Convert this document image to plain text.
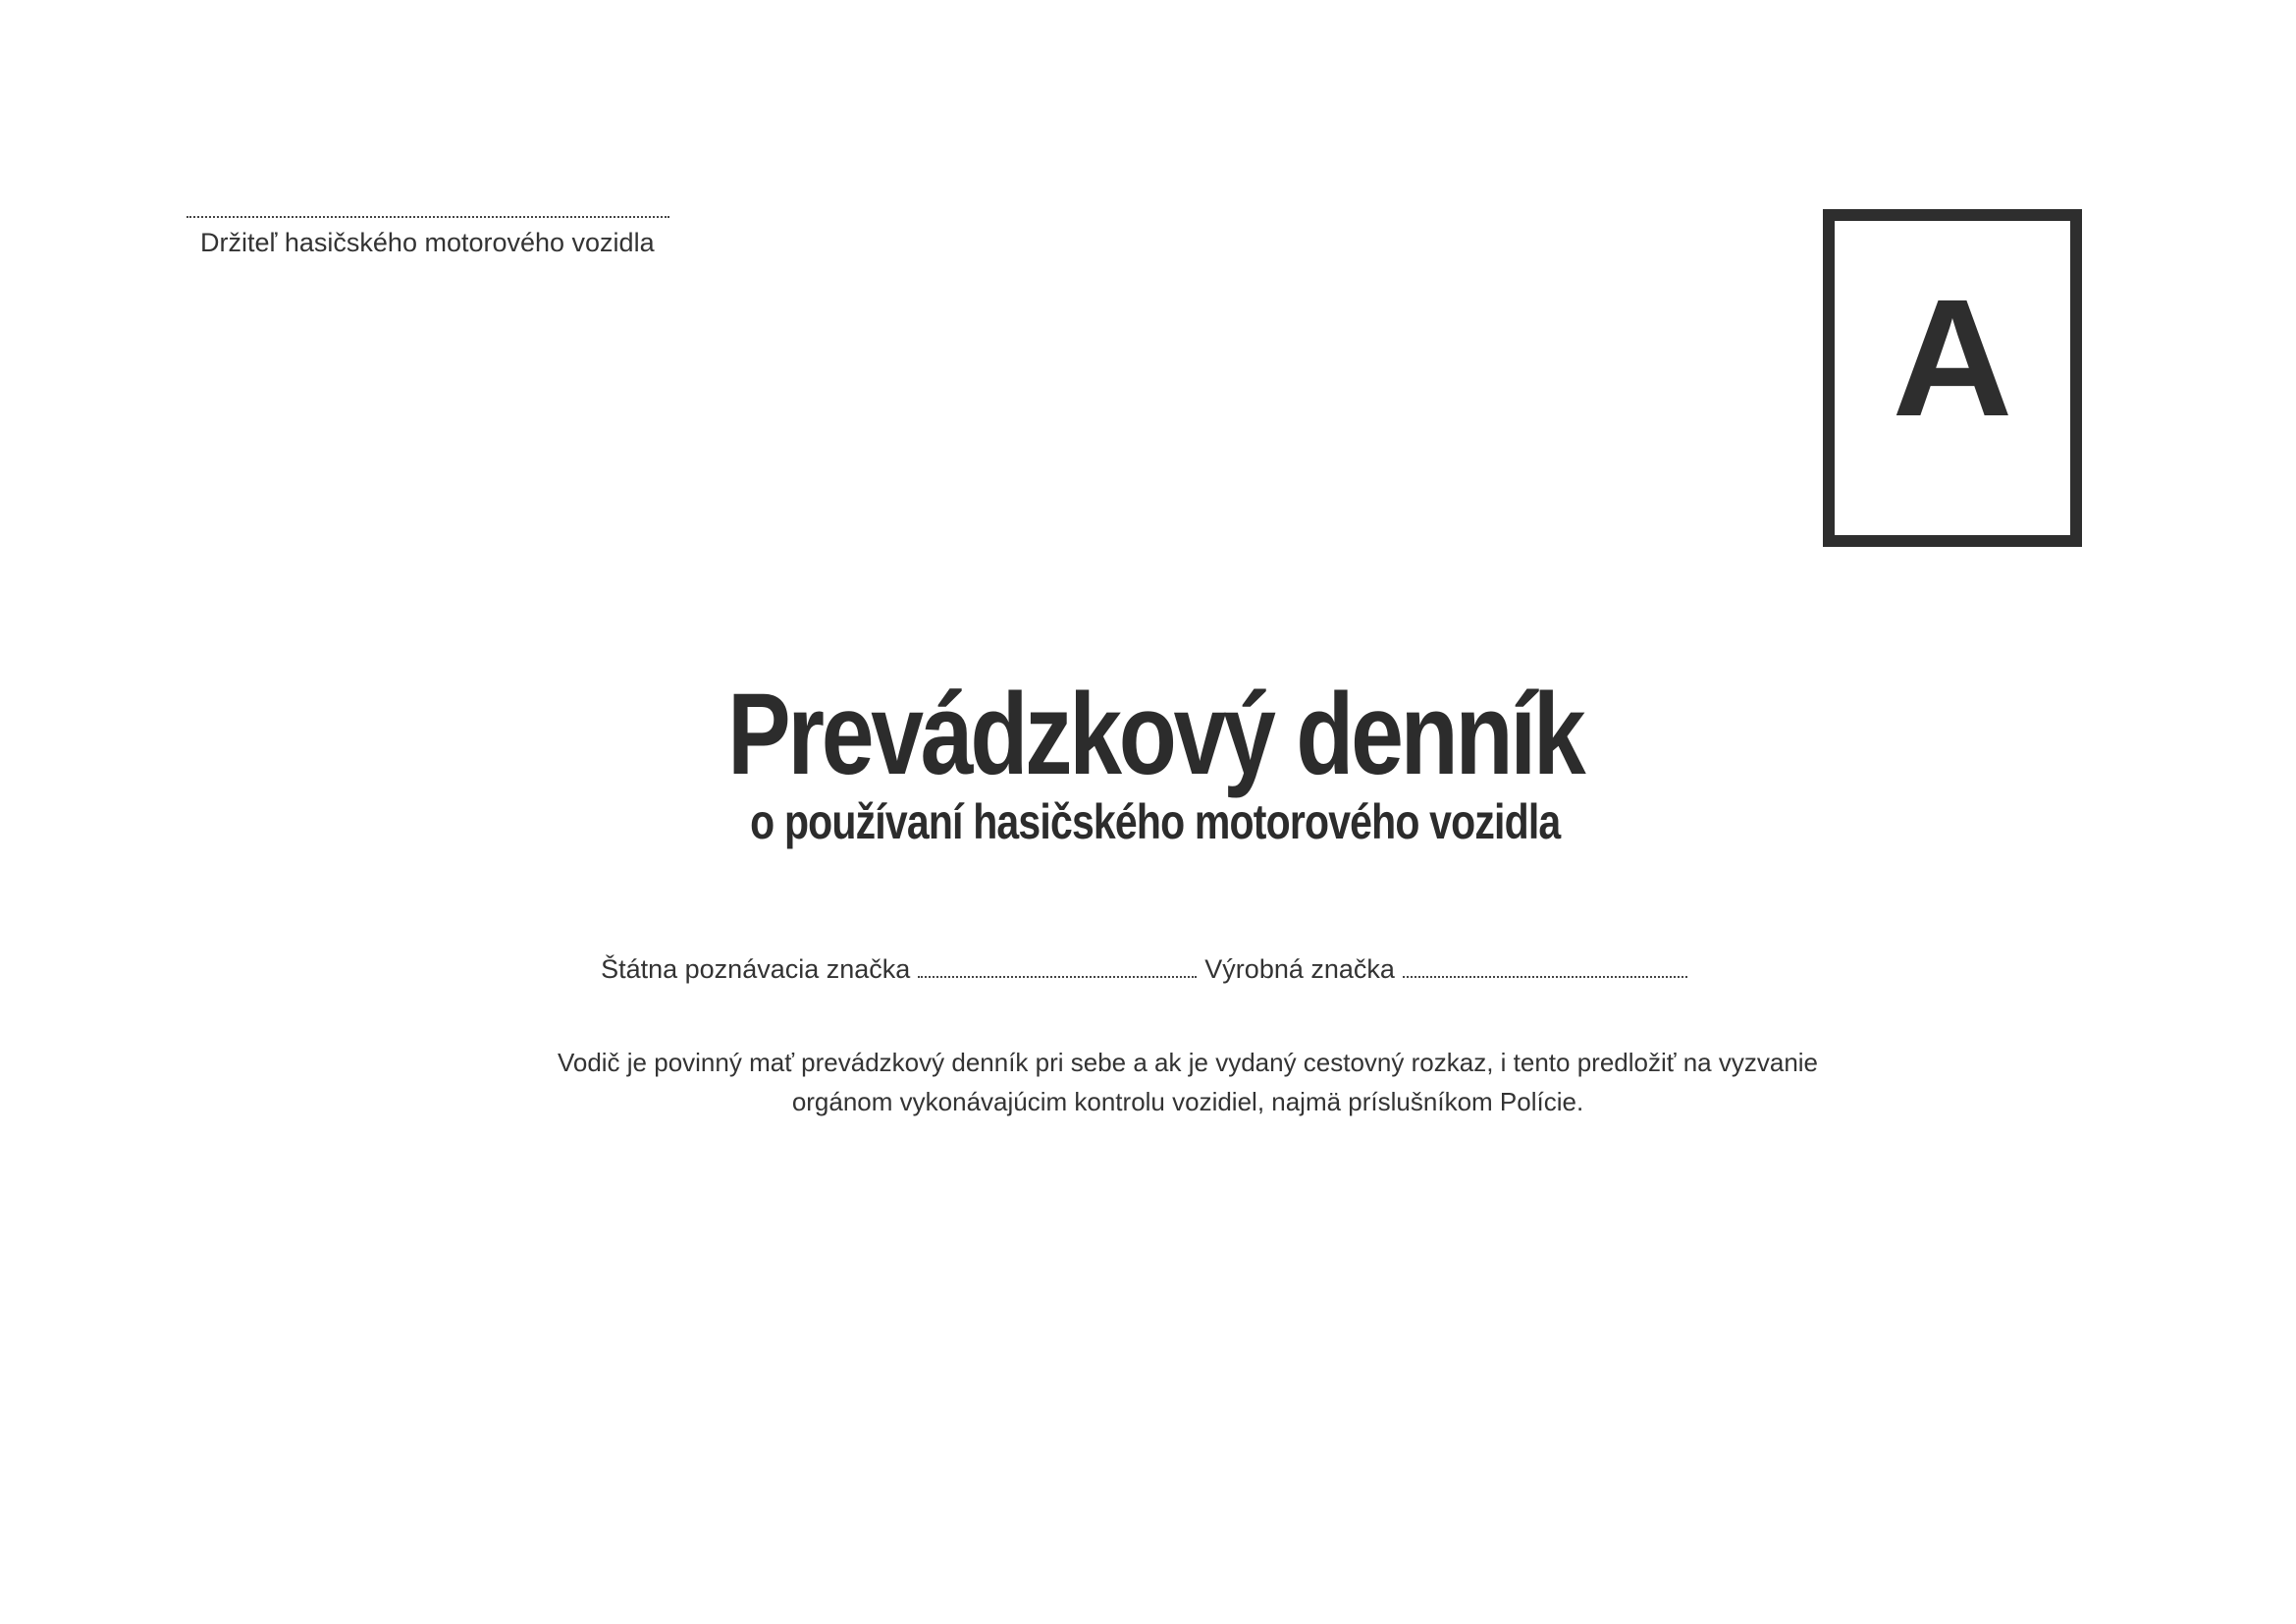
Držiteľ hasičského motorového vozidla
A
Prevádzkový denník
o používaní hasičského motorového vozidla
Štátna poznávacia značka	Výrobná značka
Vodič je povinný mať prevádzkový denník pri sebe a ak je vydaný cestovný rozkaz, i tento predložiť na vyzvanie
orgánom vykonávajúcim kontrolu vozidiel, najmä príslušníkom Polície.
